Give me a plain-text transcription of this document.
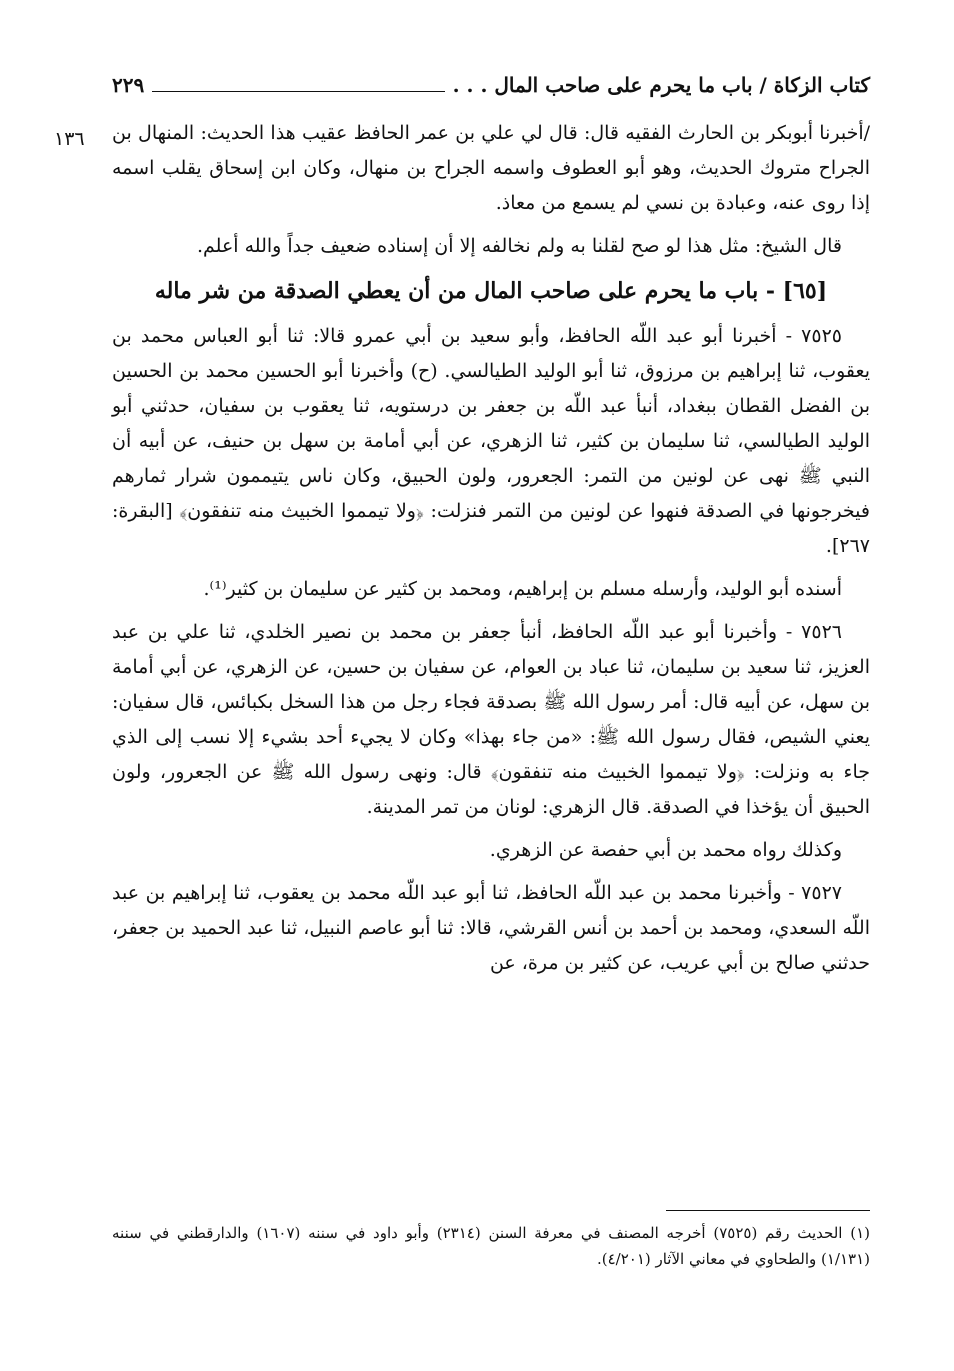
كتاب الزكاة / باب ما يحرم على صاحب المال . . .
٢٢٩
١٣٦	/أخبرنا أبوبكر بن الحارث الفقيه قال: قال لي علي بن عمر الحافظ عقيب هذا الحديث: المنهال بن الجراح متروك الحديث، وهو أبو العطوف واسمه الجراح بن منهال، وكان ابن إسحاق يقلب اسمه إذا روى عنه، وعبادة بن نسي لم يسمع من معاذ.

قال الشيخ: مثل هذا لو صح لقلنا به ولم نخالفه إلا أن إسناده ضعيف جداً والله أعلم.

[٦٥] - باب ما يحرم على صاحب المال من أن يعطي الصدقة من شر ماله

٧٥٢٥ - أخبرنا أبو عبد اللّه الحافظ، وأبو سعيد بن أبي عمرو قالا: ثنا أبو العباس محمد بن يعقوب، ثنا إبراهيم بن مرزوق، ثنا أبو الوليد الطيالسي. (ح) وأخبرنا أبو الحسين محمد بن الحسين بن الفضل القطان ببغداد، أنبأ عبد اللّه بن جعفر بن درستويه، ثنا يعقوب بن سفيان، حدثني أبو الوليد الطيالسي، ثنا سليمان بن كثير، ثنا الزهري، عن أبي أمامة بن سهل بن حنيف، عن أبيه أن النبي ﷺ نهى عن لونين من التمر: الجعرور، ولون الحبيق، وكان ناس يتيممون شرار ثمارهم فيخرجونها في الصدقة فنهوا عن لونين من التمر فنزلت: ﴿ولا تيمموا الخبيث منه تنفقون﴾ [البقرة: ٢٦٧].

أسنده أبو الوليد، وأرسله مسلم بن إبراهيم، ومحمد بن كثير عن سليمان بن كثير⁽¹⁾.

٧٥٢٦ - وأخبرنا أبو عبد اللّه الحافظ، أنبأ جعفر بن محمد بن نصير الخلدي، ثنا علي بن عبد العزيز، ثنا سعيد بن سليمان، ثنا عباد بن العوام، عن سفيان بن حسين، عن الزهري، عن أبي أمامة بن سهل، عن أبيه قال: أمر رسول الله ﷺ بصدقة فجاء رجل من هذا السخل بكبائس، قال سفيان: يعني الشيص، فقال رسول الله ﷺ: «من جاء بهذا» وكان لا يجيء أحد بشيء إلا نسب إلى الذي جاء به ونزلت: ﴿ولا تيمموا الخبيث منه تنفقون﴾ قال: ونهى رسول الله ﷺ عن الجعرور، ولون الحبيق أن يؤخذا في الصدقة. قال الزهري: لونان من تمر المدينة.

وكذلك رواه محمد بن أبي حفصة عن الزهري.

٧٥٢٧ - وأخبرنا محمد بن عبد اللّه الحافظ، ثنا أبو عبد اللّه محمد بن يعقوب، ثنا إبراهيم بن عبد اللّه السعدي، ومحمد بن أحمد بن أنس القرشي، قالا: ثنا أبو عاصم النبيل، ثنا عبد الحميد بن جعفر، حدثني صالح بن أبي عريب، عن كثير بن مرة، عن

(١) الحديث رقم (٧٥٢٥) أخرجه المصنف في معرفة السنن (٢٣١٤) وأبو داود في سننه (١٦٠٧) والدارقطني في سننه (١/١٣١) والطحاوي في معاني الآثار (٤/٢٠١).
